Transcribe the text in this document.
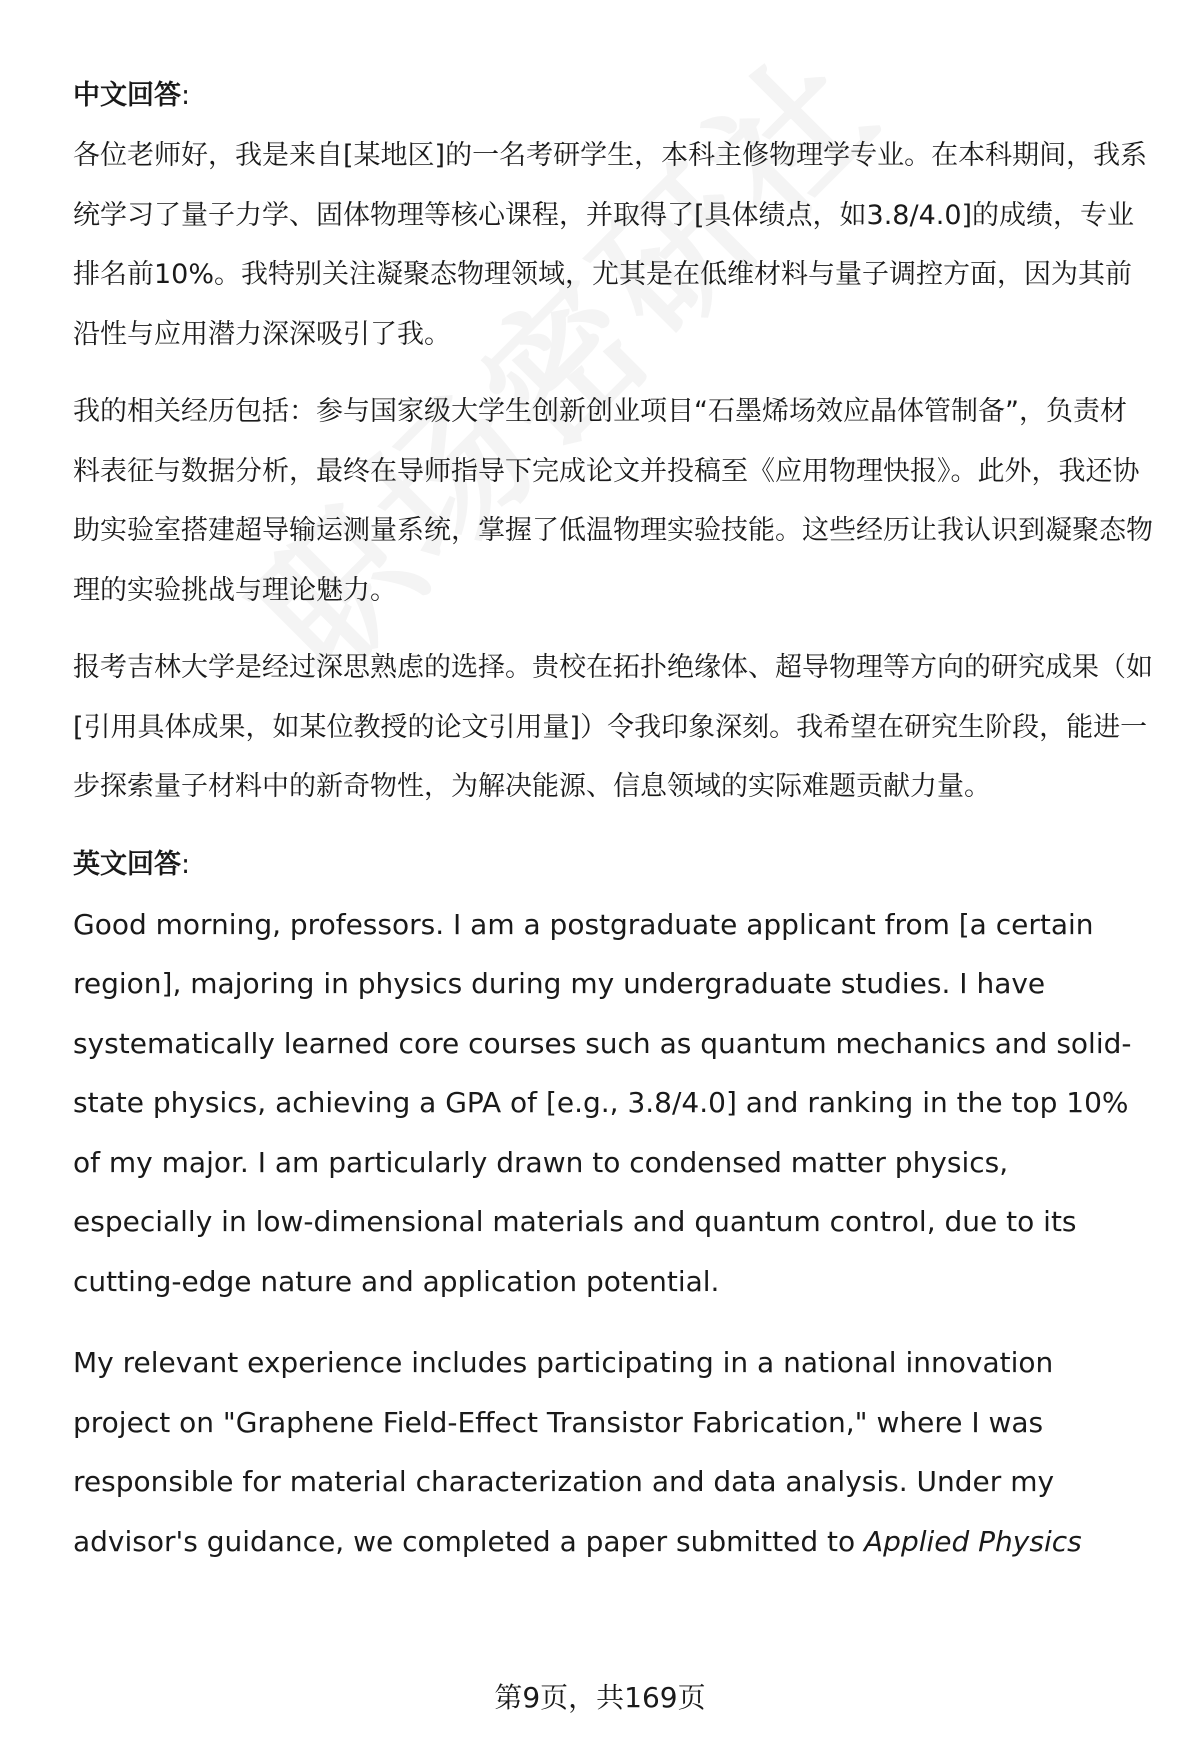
中文回答:

各位老师好，我是来自[某地区]的一名考研学生，本科主修物理学专业。在本科期间，我系统学习了量子力学、固体物理等核心课程，并取得了[具体绩点，如3.8/4.0]的成绩，专业排名前10%。我特别关注凝聚态物理领域，尤其是在低维材料与量子调控方面，因为其前沿性与应用潜力深深吸引了我。

我的相关经历包括：参与国家级大学生创新创业项目“石墨烯场效应晶体管制备”，负责材料表征与数据分析，最终在导师指导下完成论文并投稿至《应用物理快报》。此外，我还协助实验室搭建超导输运测量系统，掌握了低温物理实验技能。这些经历让我认识到凝聚态物理的实验挑战与理论魅力。

报考吉林大学是经过深思熟虑的选择。贵校在拓扑绝缘体、超导物理等方向的研究成果（如[引用具体成果，如某位教授的论文引用量]）令我印象深刻。我希望在研究生阶段，能进一步探索量子材料中的新奇物性，为解决能源、信息领域的实际难题贡献力量。

英文回答:

Good morning, professors. I am a postgraduate applicant from [a certain region], majoring in physics during my undergraduate studies. I have systematically learned core courses such as quantum mechanics and solid-state physics, achieving a GPA of [e.g., 3.8/4.0] and ranking in the top 10% of my major. I am particularly drawn to condensed matter physics, especially in low-dimensional materials and quantum control, due to its cutting-edge nature and application potential.

My relevant experience includes participating in a national innovation project on "Graphene Field-Effect Transistor Fabrication," where I was responsible for material characterization and data analysis. Under my advisor's guidance, we completed a paper submitted to Applied Physics

第9页，共169页
